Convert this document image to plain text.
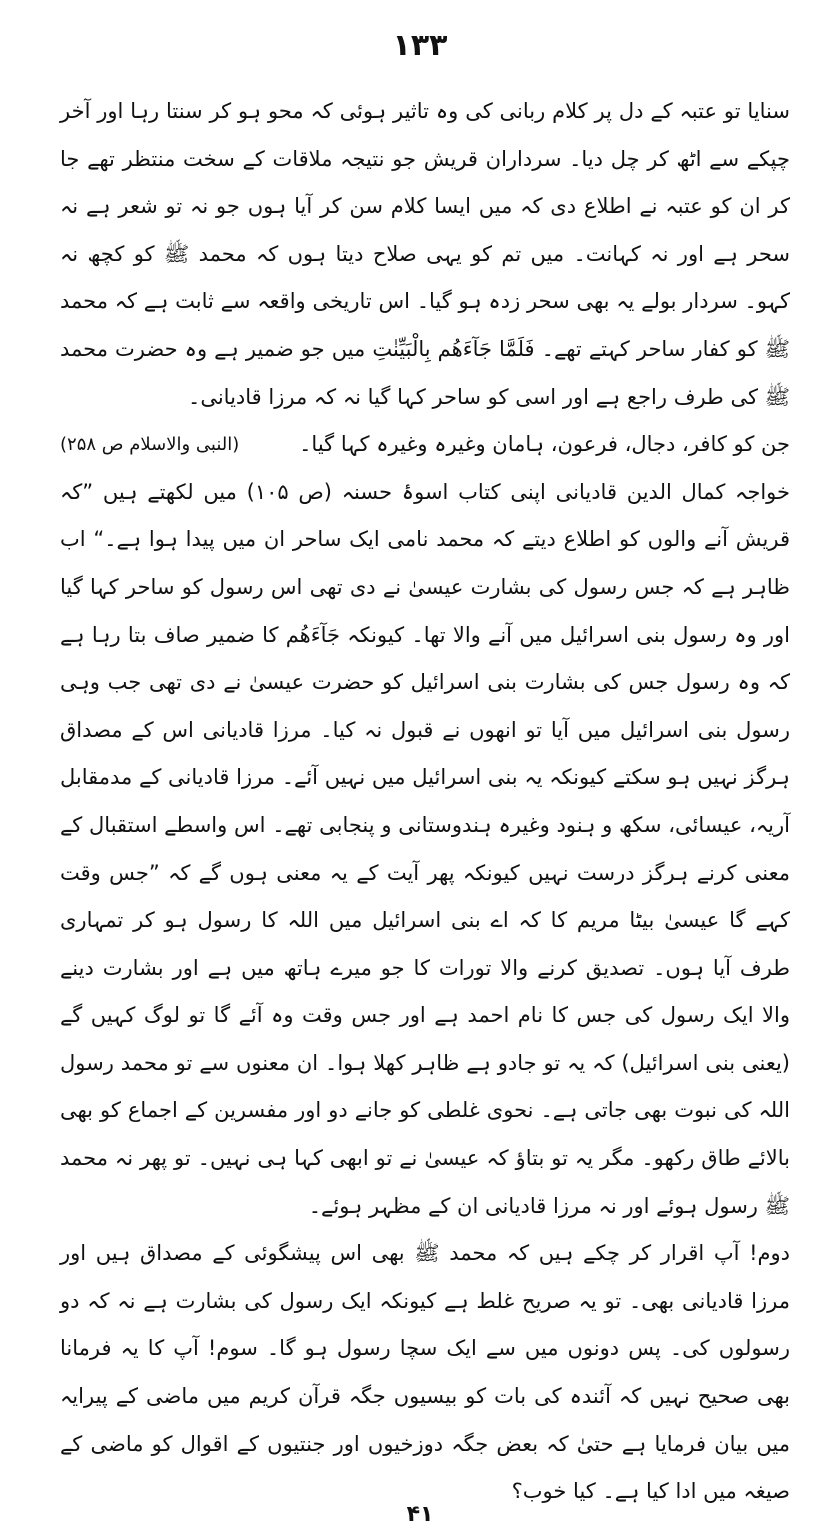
۱۳۳

سنایا تو عتبہ کے دل پر کلام ربانی کی وہ تاثیر ہوئی کہ محو ہو کر سنتا رہا اور آخر چپکے سے اٹھ کر چل دیا۔ سرداران قریش جو نتیجہ ملاقات کے سخت منتظر تھے جا کر ان کو عتبہ نے اطلاع دی کہ میں ایسا کلام سن کر آیا ہوں جو نہ تو شعر ہے نہ سحر ہے اور نہ کہانت۔ میں تم کو یہی صلاح دیتا ہوں کہ محمد ﷺ کو کچھ نہ کہو۔ سردار بولے یہ بھی سحر زدہ ہو گیا۔ اس تاریخی واقعہ سے ثابت ہے کہ محمد ﷺ کو کفار ساحر کہتے تھے۔ فَلَمَّا جَآءَهُم بِالْبَيِّنٰتِ میں جو ضمیر ہے وہ حضرت محمد ﷺ کی طرف راجع ہے اور اسی کو ساحر کہا گیا نہ کہ مرزا قادیانی۔

جن کو کافر، دجال، فرعون، ہامان وغیرہ وغیرہ کہا گیا۔
(النبی والاسلام ص ۲۵۸)

خواجہ کمال الدین قادیانی اپنی کتاب اسوۂ حسنہ (ص ۱۰۵) میں لکھتے ہیں ”کہ قریش آنے والوں کو اطلاع دیتے کہ محمد نامی ایک ساحر ان میں پیدا ہوا ہے۔“ اب ظاہر ہے کہ جس رسول کی بشارت عیسیٰ نے دی تھی اس رسول کو ساحر کہا گیا اور وہ رسول بنی اسرائیل میں آنے والا تھا۔ کیونکہ جَآءَهُم کا ضمیر صاف بتا رہا ہے کہ وہ رسول جس کی بشارت بنی اسرائیل کو حضرت عیسیٰ نے دی تھی جب وہی رسول بنی اسرائیل میں آیا تو انھوں نے قبول نہ کیا۔ مرزا قادیانی اس کے مصداق ہرگز نہیں ہو سکتے کیونکہ یہ بنی اسرائیل میں نہیں آئے۔ مرزا قادیانی کے مدمقابل آریہ، عیسائی، سکھ و ہنود وغیرہ ہندوستانی و پنجابی تھے۔ اس واسطے استقبال کے معنی کرنے ہرگز درست نہیں کیونکہ پھر آیت کے یہ معنی ہوں گے کہ ”جس وقت کہے گا عیسیٰ بیٹا مریم کا کہ اے بنی اسرائیل میں اللہ کا رسول ہو کر تمہاری طرف آیا ہوں۔ تصدیق کرنے والا تورات کا جو میرے ہاتھ میں ہے اور بشارت دینے والا ایک رسول کی جس کا نام احمد ہے اور جس وقت وہ آئے گا تو لوگ کہیں گے (یعنی بنی اسرائیل) کہ یہ تو جادو ہے ظاہر کھلا ہوا۔ ان معنوں سے تو محمد رسول اللہ کی نبوت بھی جاتی ہے۔ نحوی غلطی کو جانے دو اور مفسرین کے اجماع کو بھی بالائے طاق رکھو۔ مگر یہ تو بتاؤ کہ عیسیٰ نے تو ابھی کہا ہی نہیں۔ تو پھر نہ محمد ﷺ رسول ہوئے اور نہ مرزا قادیانی ان کے مظہر ہوئے۔

دوم! آپ اقرار کر چکے ہیں کہ محمد ﷺ بھی اس پیشگوئی کے مصداق ہیں اور مرزا قادیانی بھی۔ تو یہ صریح غلط ہے کیونکہ ایک رسول کی بشارت ہے نہ کہ دو رسولوں کی۔ پس دونوں میں سے ایک سچا رسول ہو گا۔ سوم! آپ کا یہ فرمانا بھی صحیح نہیں کہ آئندہ کی بات کو بیسیوں جگہ قرآن کریم میں ماضی کے پیرایہ میں بیان فرمایا ہے حتیٰ کہ بعض جگہ دوزخیوں اور جنتیوں کے اقوال کو ماضی کے صیغہ میں ادا کیا ہے۔ کیا خوب؟

۴۱
